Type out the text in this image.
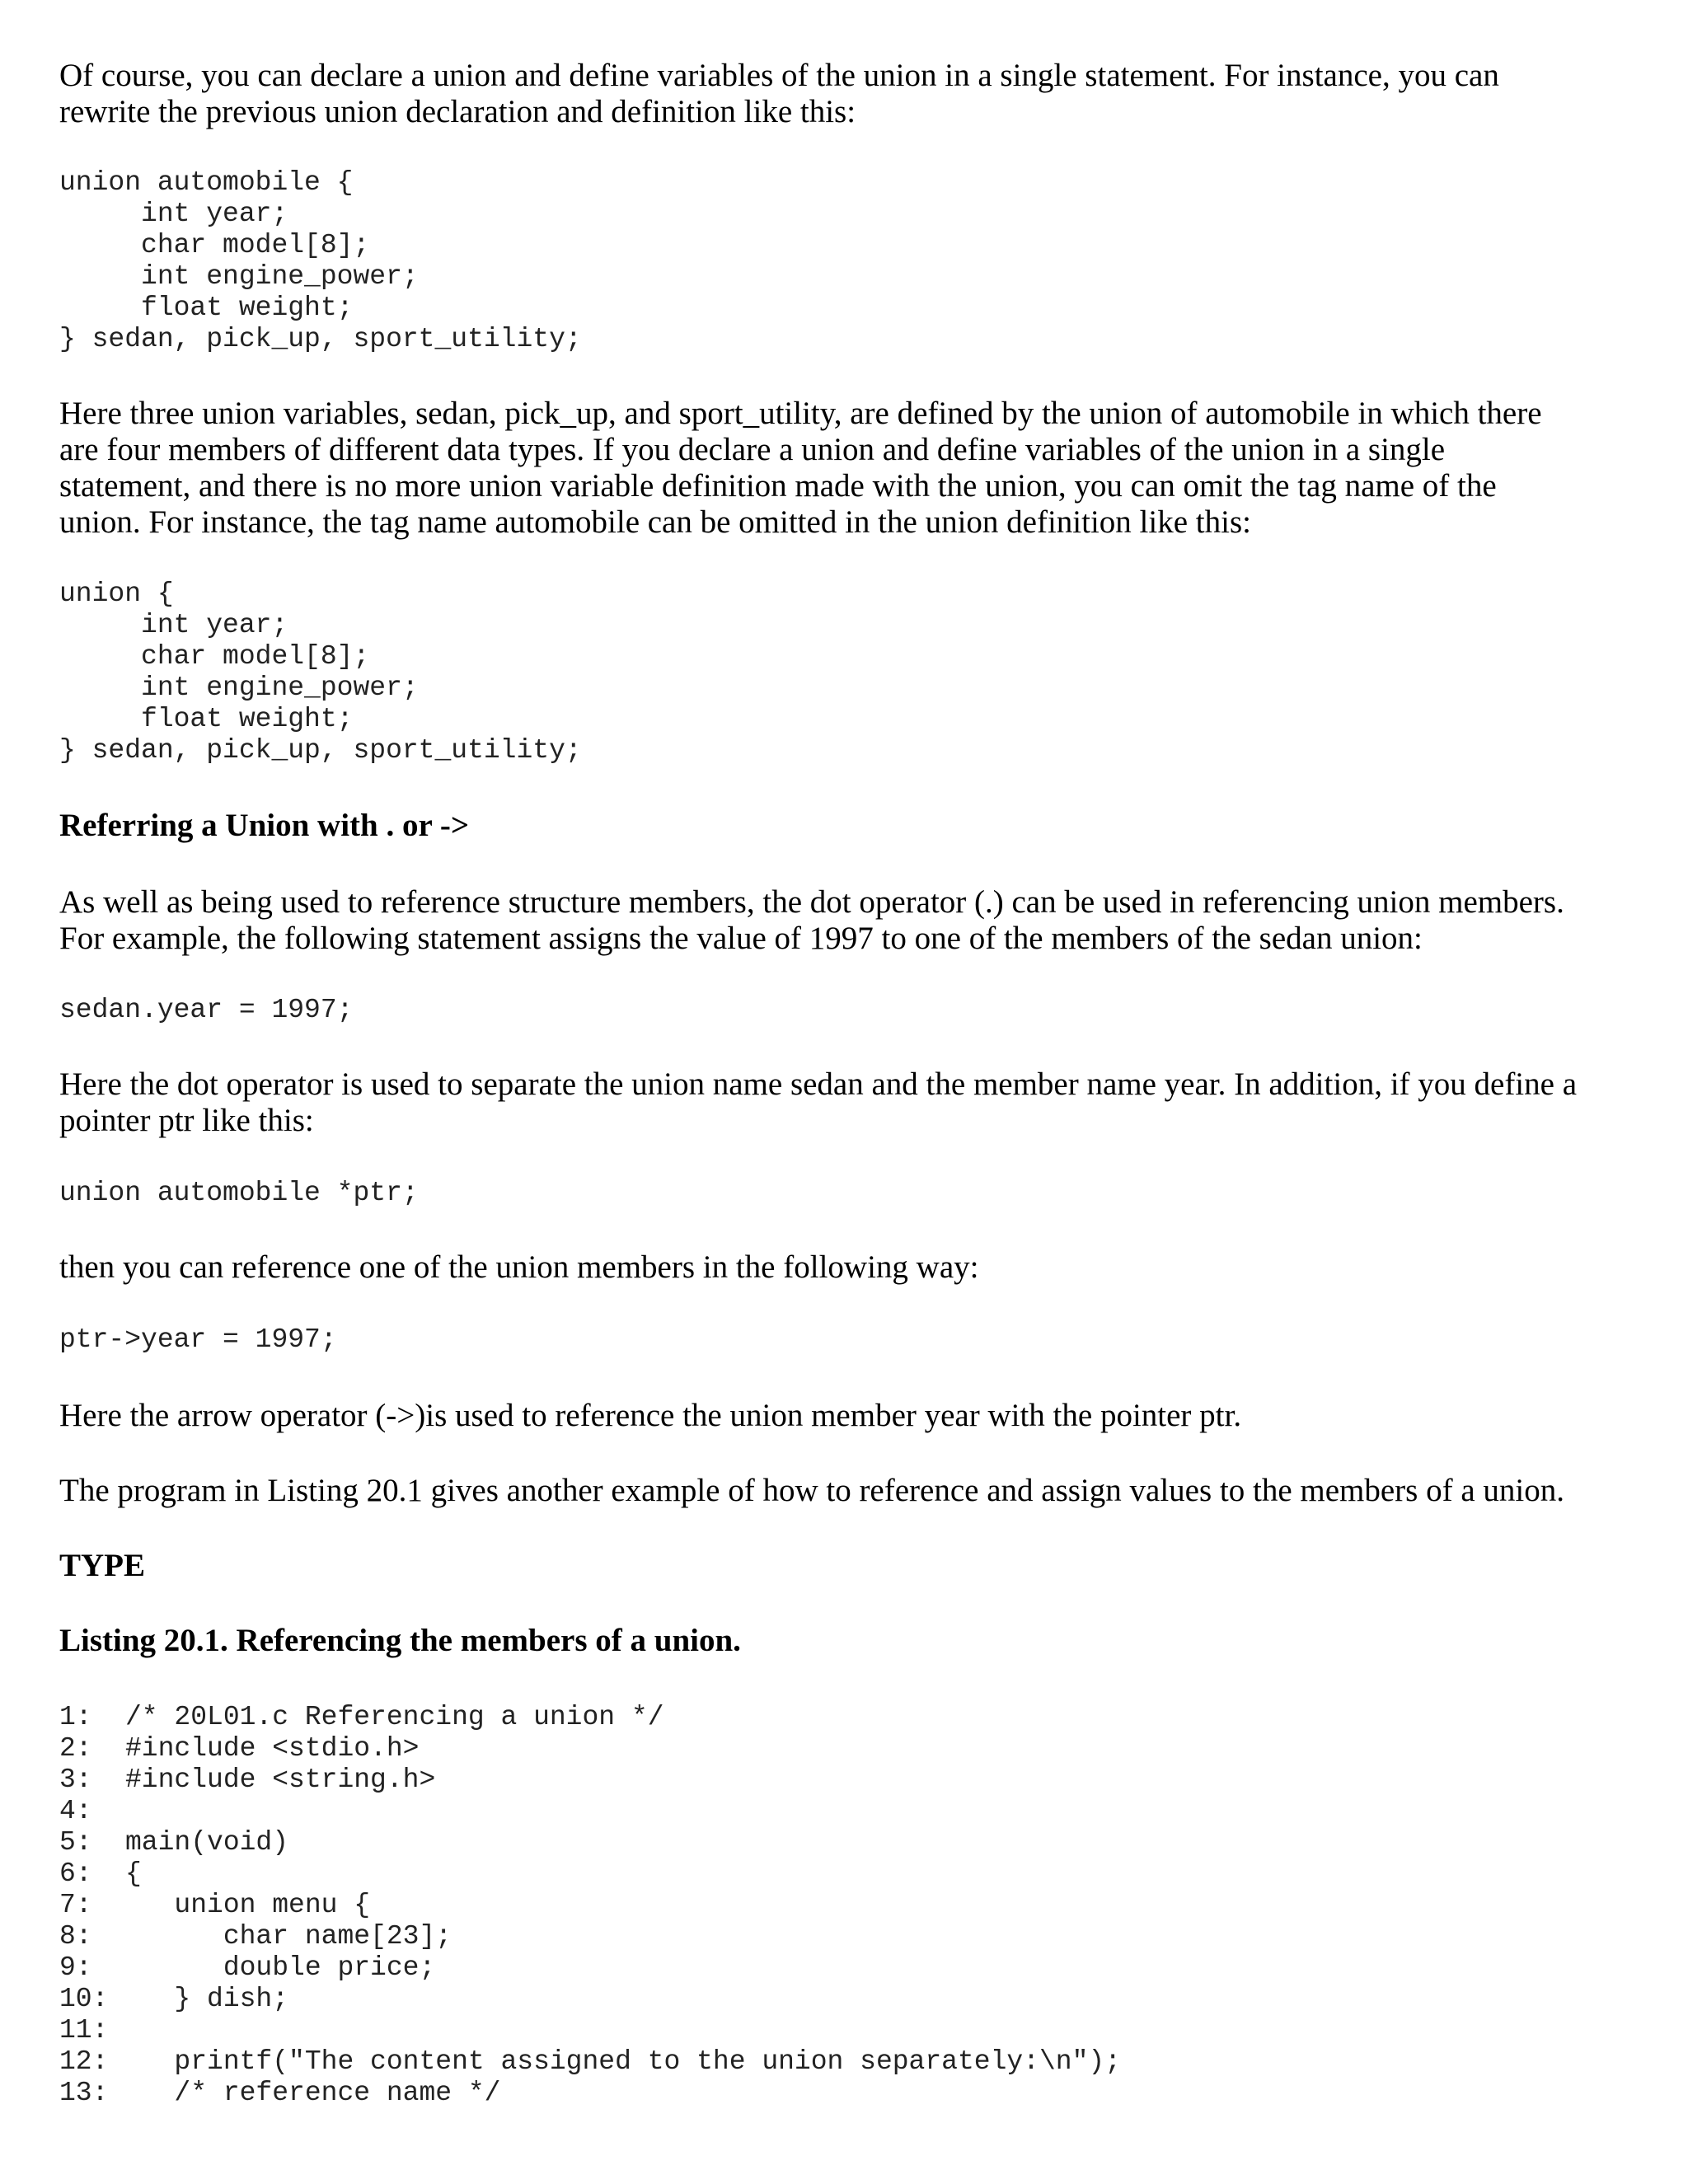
Of course, you can declare a union and define variables of the union in a single statement. For instance, you can
rewrite the previous union declaration and definition like this:

union automobile {
int year;
char model[8];
int engine_power;
float weight;
} sedan, pick_up, sport_utility;

Here three union variables, sedan, pick_up, and sport_utility, are defined by the union of automobile in which there
are four members of different data types. If you declare a union and define variables of the union in a single
statement, and there is no more union variable definition made with the union, you can omit the tag name of the
union. For instance, the tag name automobile can be omitted in the union definition like this:

union {
int year;
char model[8];
int engine_power;
float weight;
} sedan, pick_up, sport_utility;
Referring a Union with . or ->

As well as being used to reference structure members, the dot operator (.) can be used in referencing union members.
For example, the following statement assigns the value of 1997 to one of the members of the sedan union:

sedan.year = 1997;

Here the dot operator is used to separate the union name sedan and the member name year. In addition, if you define a
pointer ptr like this:

union automobile *ptr;

then you can reference one of the union members in the following way:

ptr->year = 1997;

Here the arrow operator (->)is used to reference the union member year with the pointer ptr.

The program in Listing 20.1 gives another example of how to reference and assign values to the members of a union.

TYPE
Listing 20.1. Referencing the members of a union.
1:	/* 20L01.c Referencing a union */
2:	#include <stdio.h>
3:	#include <string.h>
4:
5:	main(void)
6:	{
7:	union menu {
8:	char name[23];
9:	double price;
10: } dish;
11:
12: printf("The content assigned to the union separately:\n");
13: /* reference name */
